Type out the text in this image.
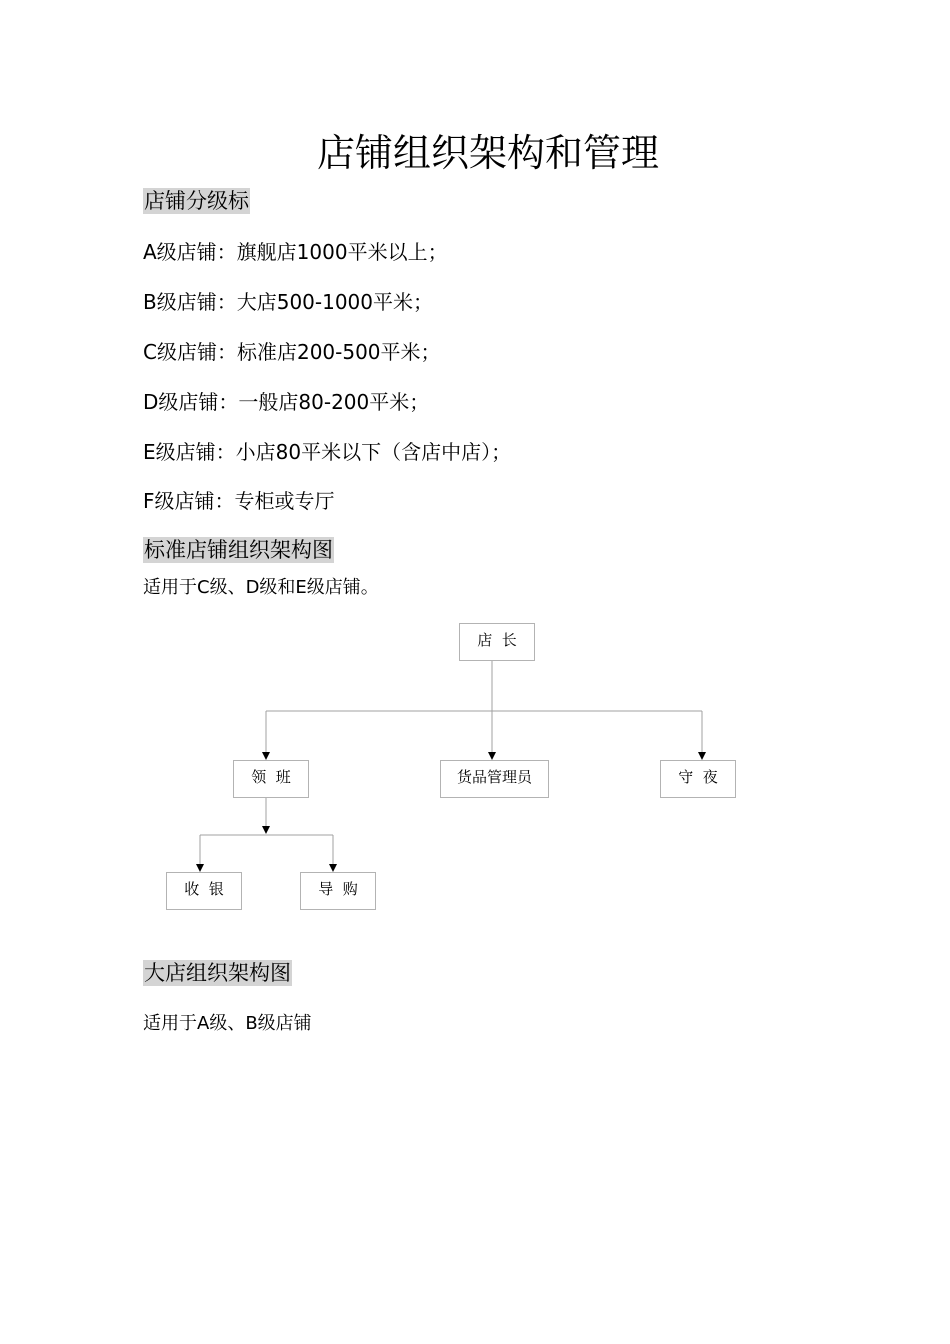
店铺组织架构和管理
店铺分级标

A级店铺：旗舰店1000平米以上；

B级店铺：大店500-1000平米；

C级店铺：标准店200-500平米；

D级店铺：一般店80-200平米；

E级店铺：小店80平米以下（含店中店）；

F级店铺：专柜或专厅

标准店铺组织架构图

适用于C级、D级和E级店铺。

店  长
领  班	货品管理员	守  夜
收  银	导  购
大店组织架构图

适用于A级、B级店铺
